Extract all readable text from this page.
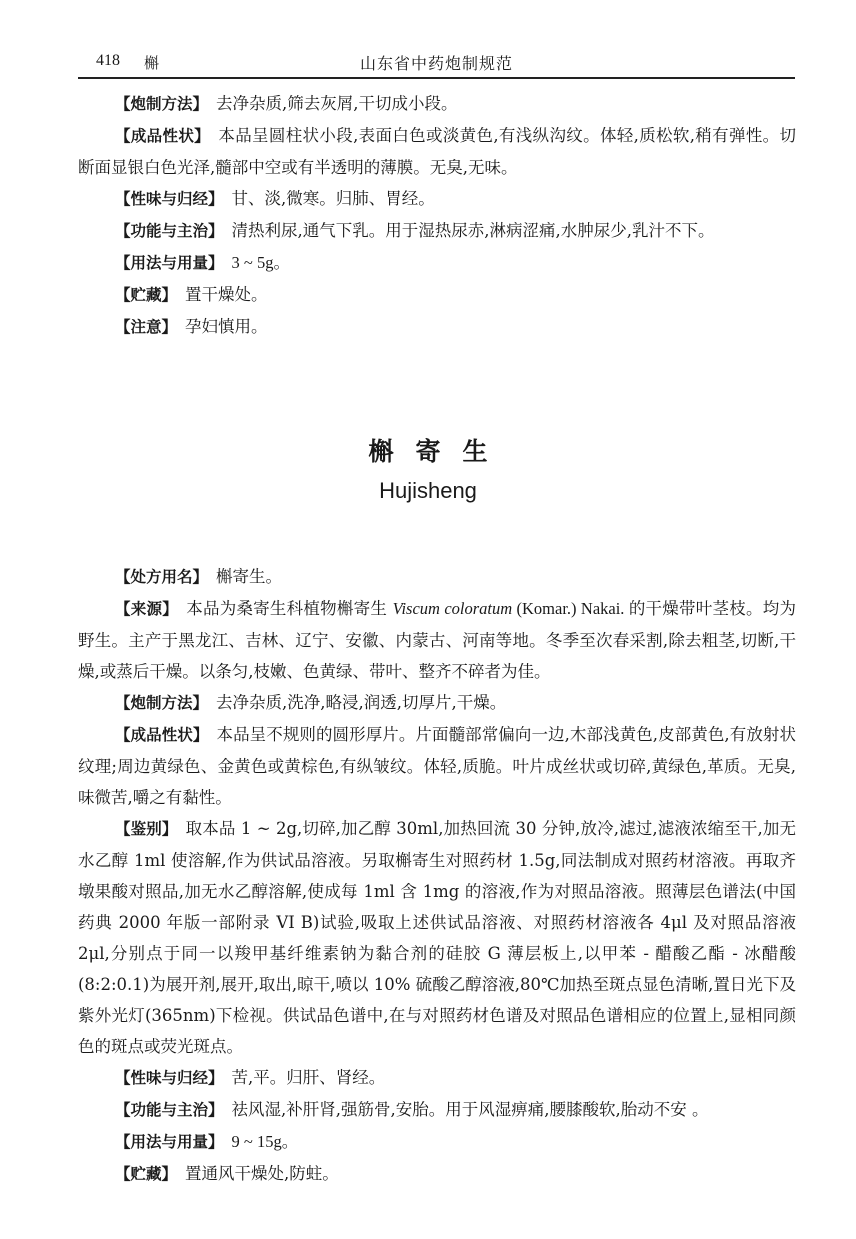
418 槲	山东省中药炮制规范

【炮制方法】 去净杂质,筛去灰屑,干切成小段。

【成品性状】 本品呈圆柱状小段,表面白色或淡黄色,有浅纵沟纹。体轻,质松软,稍有弹性。切断面显银白色光泽,髓部中空或有半透明的薄膜。无臭,无味。

【性味与归经】 甘、淡,微寒。归肺、胃经。

【功能与主治】 清热利尿,通气下乳。用于湿热尿赤,淋病涩痛,水肿尿少,乳汁不下。

【用法与用量】 3 ~ 5g。

【贮藏】 置干燥处。

【注意】 孕妇慎用。

槲寄生
Hujisheng

【处方用名】 槲寄生。

【来源】 本品为桑寄生科植物槲寄生 Viscum coloratum (Komar.) Nakai. 的干燥带叶茎枝。均为野生。主产于黑龙江、吉林、辽宁、安徽、内蒙古、河南等地。冬季至次春采割,除去粗茎,切断,干燥,或蒸后干燥。以条匀,枝嫩、色黄绿、带叶、整齐不碎者为佳。

【炮制方法】 去净杂质,洗净,略浸,润透,切厚片,干燥。

【成品性状】 本品呈不规则的圆形厚片。片面髓部常偏向一边,木部浅黄色,皮部黄色,有放射状纹理;周边黄绿色、金黄色或黄棕色,有纵皱纹。体轻,质脆。叶片成丝状或切碎,黄绿色,革质。无臭,味微苦,嚼之有黏性。

【鉴别】 取本品 1 ~ 2g,切碎,加乙醇 30ml,加热回流 30 分钟,放冷,滤过,滤液浓缩至干,加无水乙醇 1ml 使溶解,作为供试品溶液。另取槲寄生对照药材 1.5g,同法制成对照药材溶液。再取齐墩果酸对照品,加无水乙醇溶解,使成每 1ml 含 1mg 的溶液,作为对照品溶液。照薄层色谱法(中国药典 2000 年版一部附录 VI B)试验,吸取上述供试品溶液、对照药材溶液各 4μl 及对照品溶液 2μl,分别点于同一以羧甲基纤维素钠为黏合剂的硅胶 G 薄层板上,以甲苯 - 醋酸乙酯 - 冰醋酸(8:2:0.1)为展开剂,展开,取出,晾干,喷以 10% 硫酸乙醇溶液,80℃加热至斑点显色清晰,置日光下及紫外光灯(365nm)下检视。供试品色谱中,在与对照药材色谱及对照品色谱相应的位置上,显相同颜色的斑点或荧光斑点。

【性味与归经】 苦,平。归肝、肾经。

【功能与主治】 祛风湿,补肝肾,强筋骨,安胎。用于风湿痹痛,腰膝酸软,胎动不安 。

【用法与用量】 9 ~ 15g。

【贮藏】 置通风干燥处,防蛀。
